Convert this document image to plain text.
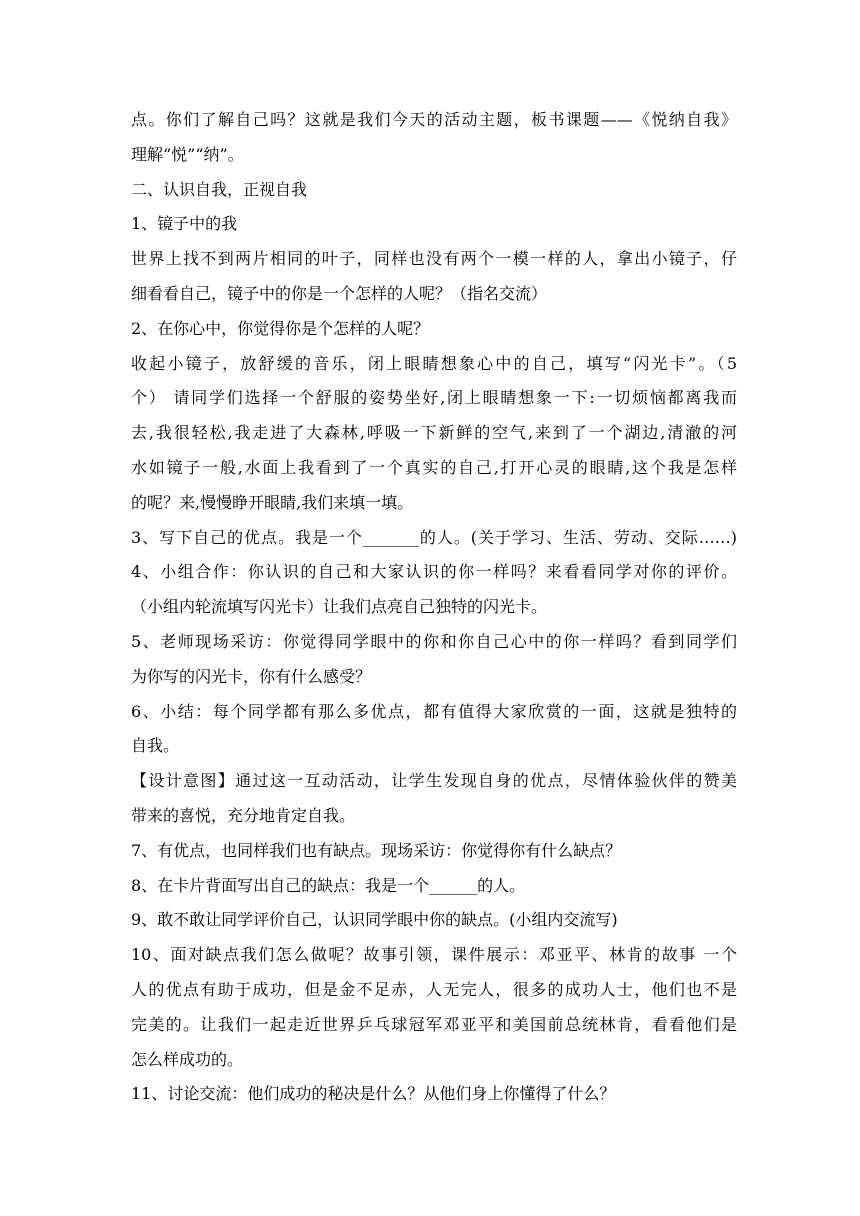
点。你们了解自己吗？这就是我们今天的活动主题，板书课题——《悦纳自我》
理解“悦”“纳”。
二、认识自我，正视自我
1、镜子中的我
世界上找不到两片相同的叶子，同样也没有两个一模一样的人，拿出小镜子，仔
细看看自己，镜子中的你是一个怎样的人呢？（指名交流）
2、在你心中，你觉得你是个怎样的人呢？
收起小镜子，放舒缓的音乐，闭上眼睛想象心中的自己，填写“闪光卡”。（5
个） 请同学们选择一个舒服的姿势坐好,闭上眼睛想象一下:一切烦恼都离我而
去,我很轻松,我走进了大森林,呼吸一下新鲜的空气,来到了一个湖边,清澈的河
水如镜子一般,水面上我看到了一个真实的自己,打开心灵的眼睛,这个我是怎样
的呢？来,慢慢睁开眼睛,我们来填一填。
3、写下自己的优点。我是一个_______的人。(关于学习、生活、劳动、交际……)
4、小组合作：你认识的自己和大家认识的你一样吗？来看看同学对你的评价。
（小组内轮流填写闪光卡）让我们点亮自己独特的闪光卡。
5、老师现场采访：你觉得同学眼中的你和你自己心中的你一样吗？看到同学们
为你写的闪光卡，你有什么感受？
6、小结：每个同学都有那么多优点，都有值得大家欣赏的一面，这就是独特的
自我。
【设计意图】通过这一互动活动，让学生发现自身的优点，尽情体验伙伴的赞美
带来的喜悦，充分地肯定自我。
7、有优点，也同样我们也有缺点。现场采访：你觉得你有什么缺点？
8、在卡片背面写出自己的缺点：我是一个______的人。
9、敢不敢让同学评价自己，认识同学眼中你的缺点。(小组内交流写)
10、面对缺点我们怎么做呢？故事引领，课件展示：邓亚平、林肯的故事 一个
人的优点有助于成功，但是金不足赤，人无完人，很多的成功人士，他们也不是
完美的。让我们一起走近世界乒乓球冠军邓亚平和美国前总统林肯，看看他们是
怎么样成功的。
11、讨论交流：他们成功的秘决是什么？从他们身上你懂得了什么？
